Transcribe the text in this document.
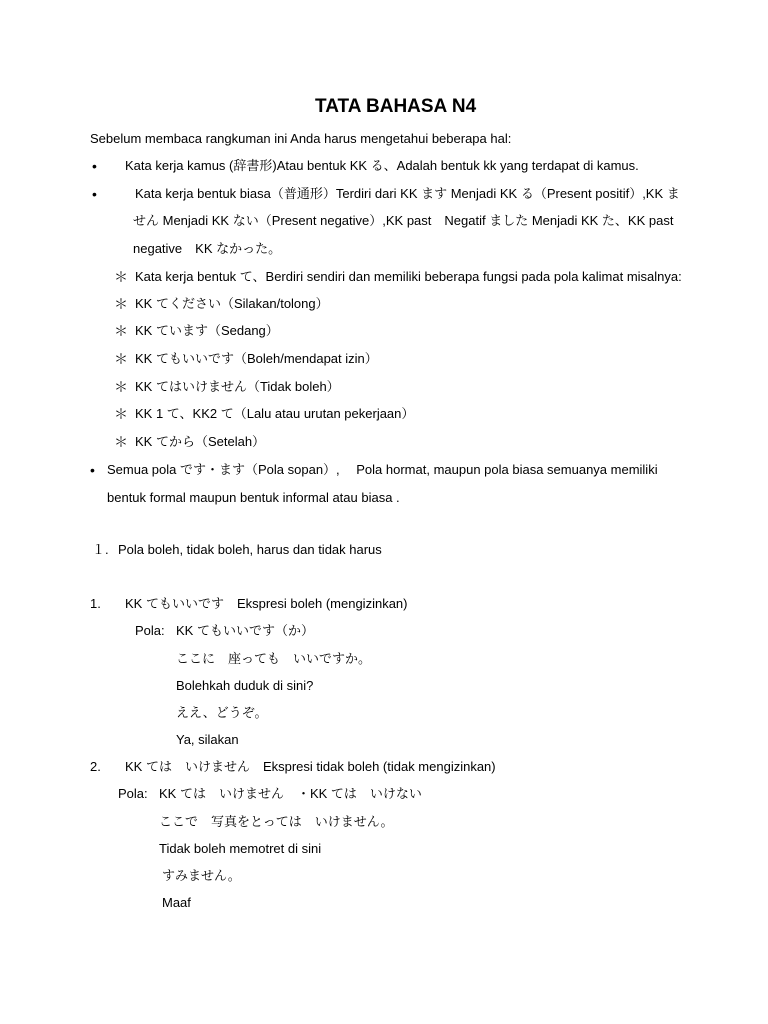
TATA BAHASA N4
Sebelum membaca rangkuman ini Anda harus mengetahui beberapa hal:
• Kata kerja kamus (辞書形)Atau bentuk KK る、Adalah bentuk kk yang terdapat di kamus.
•	Kata kerja bentuk biasa（普通形）Terdiri dari KK ます Menjadi KK る（Present positif）,KK ま
せん Menjadi KK ない（Present negative）,KK past　Negatif ました Menjadi KK た、KK past
negative　KK なかった。
＊ Kata kerja bentuk て、Berdiri sendiri dan memiliki beberapa fungsi pada pola kalimat misalnya:
＊ KK てください（Silakan/tolong）
＊ KK ています（Sedang）
＊ KK てもいいです（Boleh/mendapat izin）
＊ KK てはいけません（Tidak boleh）
＊ KK 1 て、KK2 て（Lalu atau urutan pekerjaan）
＊ KK てから（Setelah）
• Semua pola です・ます（Pola sopan）,　 Pola hormat, maupun pola biasa semuanya memiliki
bentuk formal maupun bentuk informal atau biasa .
１. Pola boleh, tidak boleh, harus dan tidak harus
1. KK てもいいです　Ekspresi boleh (mengizinkan)
Pola: KK てもいいです（か）
ここに　座っても　いいですか。
Bolehkah duduk di sini?
ええ、どうぞ。
Ya, silakan
2. KK ては　いけません　Ekspresi tidak boleh (tidak mengizinkan)
Pola: KK ては　いけません　・KK ては　いけない
ここで　写真をとっては　いけません。
Tidak boleh memotret di sini
すみません。
Maaf
